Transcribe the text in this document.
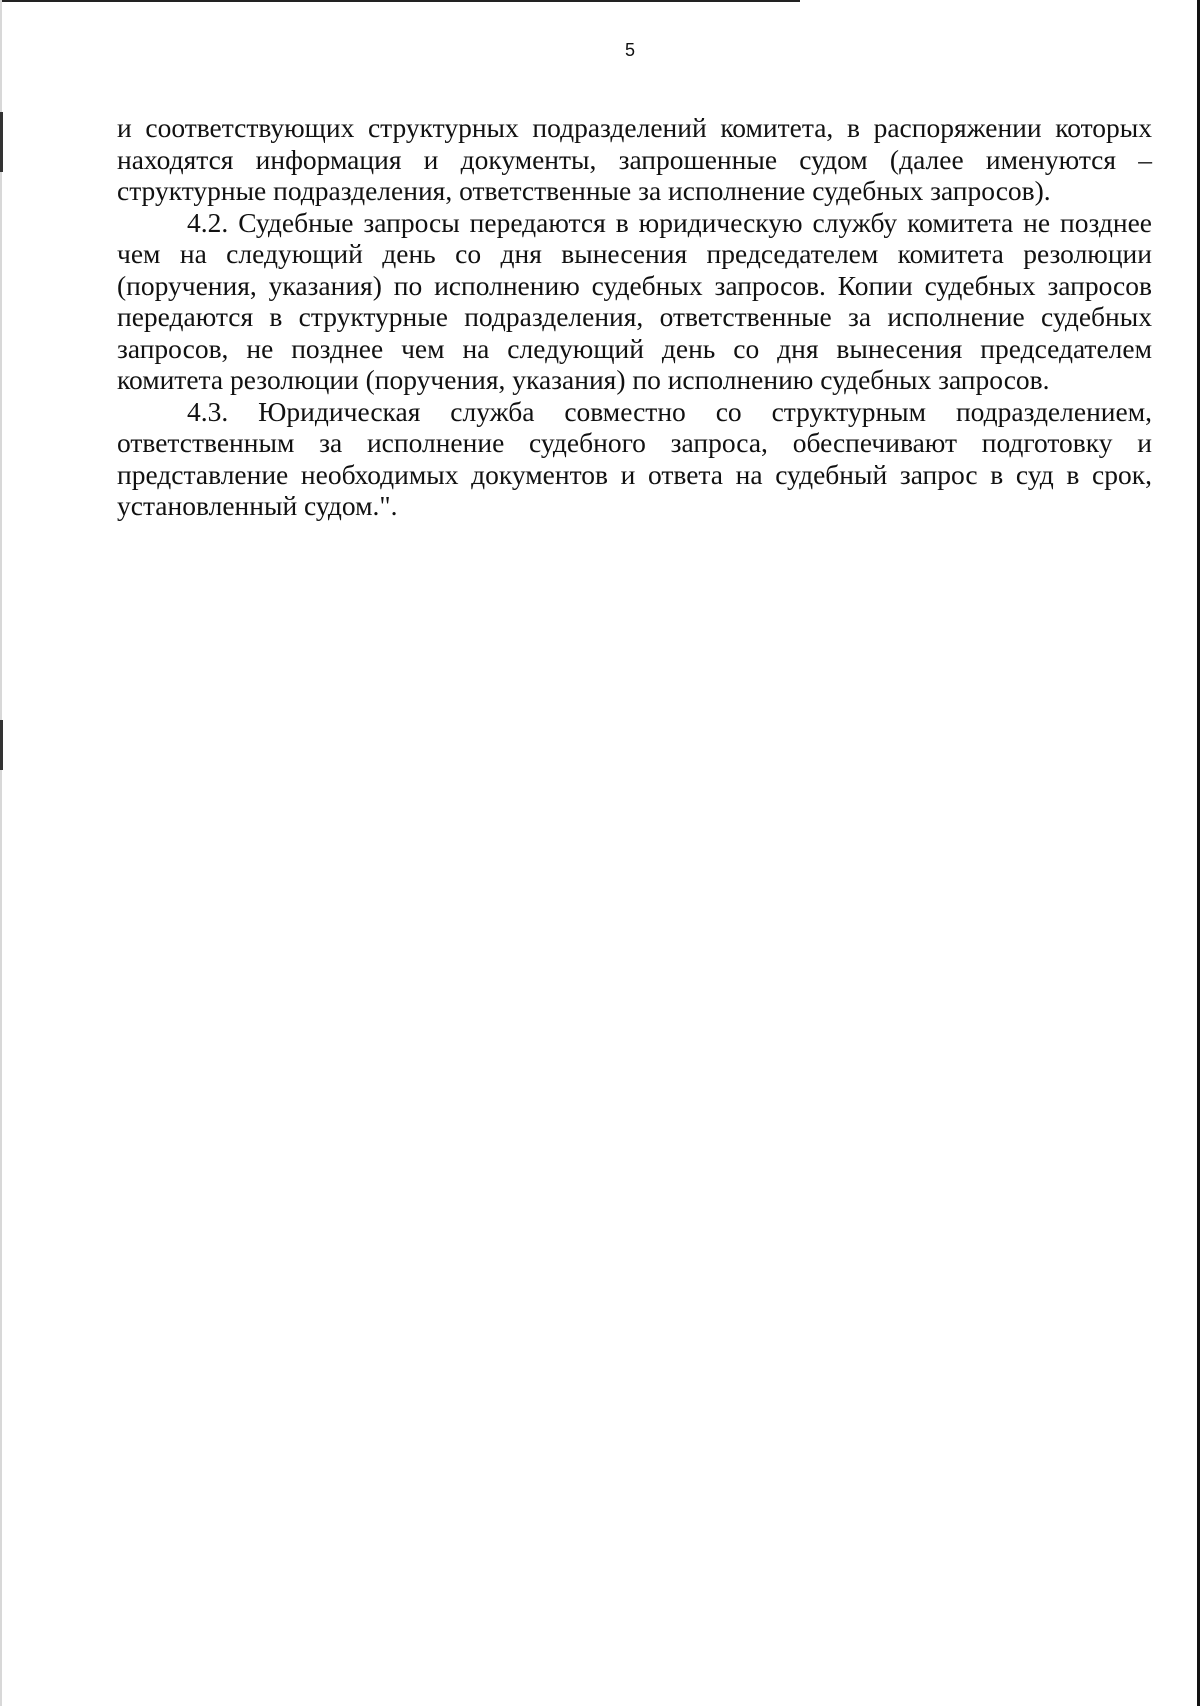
5

и соответствующих структурных подразделений комитета, в распоряжении которых находятся информация и документы, запрошенные судом (далее именуются – структурные подразделения, ответственные за исполнение судебных запросов).

4.2. Судебные запросы передаются в юридическую службу комитета не позднее чем на следующий день со дня вынесения председателем комитета резолюции (поручения, указания) по исполнению судебных запросов. Копии судебных запросов передаются в структурные подразделения, ответственные за исполнение судебных запросов, не позднее чем на следующий день со дня вынесения председателем комитета резолюции (поручения, указания) по исполнению судебных запросов.

4.3. Юридическая служба совместно со структурным подразделением, ответственным за исполнение судебного запроса, обеспечивают подготовку и представление необходимых документов и ответа на судебный запрос в суд в срок, установленный судом.".
